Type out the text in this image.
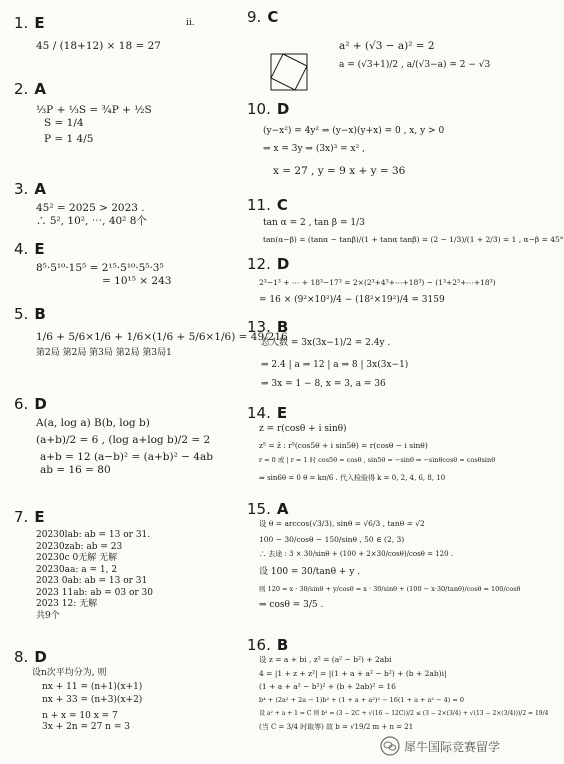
ⅱ.
1. E
45 / (18+12) × 18 = 27
2. A
⅓P + ⅓S = ¾P + ½S
S = 1/4
P = 1 4/5
3. A
45² = 2025 > 2023 .
∴ 5², 10², ⋯, 40² 8个
4. E
8⁵·5¹⁰·15⁵ = 2¹⁵·5¹⁰·5⁵·3⁵
= 10¹⁵ × 243
5. B
1/6 + 5/6×1/6 + 1/6×(1/6 + 5/6×1/6) = 49/216
第2局 第2局 第3局 第2局 第3局1
6. D
A(a, log a) B(b, log b)
(a+b)/2 = 6 , (log a+log b)/2 = 2
a+b = 12 (a−b)² = (a+b)² − 4ab
ab = 16 = 80
7. E
20230lab: ab = 13 or 31.
20230zab: ab = 23
20230c 0无解 无解
20230aa: a = 1, 2
2023 0ab: ab = 13 or 31
2023 11ab: ab = 03 or 30
2023 12: 无解
共9个
8. D
设n次平均分为, 则
nx + 11 = (n+1)(x+1)
nx + 33 = (n+3)(x+2)
n + x = 10 x = 7
3x + 2n = 27 n = 3
9. C
a² + (√3 − a)² = 2
a = (√3+1)/2 , a/(√3−a) = 2 − √3
10. D
(y−x²) = 4y² ⇒ (y−x)(y+x) = 0 , x, y > 0
⇒ x = 3y ⇒ (3x)³ = x² ,
x = 27 , y = 9 x + y = 36
11. C
tan α = 2 , tan β = 1/3
tan(α−β) = (tanα − tanβ)/(1 + tanα tanβ) = (2 − 1/3)/(1 + 2/3) = 1 , α−β = 45°
12. D
2³−1³ + ⋯ + 18³−17³ = 2×(2³+4³+⋯+18³) − (1³+2³+⋯+18³)
= 16 × (9²×10²)/4 − (18²×19²)/4 = 3159
13. B
总人数 = 3x(3x−1)/2 = 2.4y .
⇒ 2.4 | a ⇒ 12 | a ⇒ 8 | 3x(3x−1)
⇒ 3x = 1 − 8, x = 3, a = 36
14. E
z = r(cosθ + i sinθ)
z⁵ = z̄ : r⁵(cos5θ + i sin5θ) = r(cosθ − i sinθ)
r = 0 或 | r = 1 时 cos5θ = cosθ , sin5θ = −sinθ ⇒ −sinθcosθ = cosθsinθ
⇒ sin6θ = 0 θ = kπ/6 . 代入检验得 k = 0, 2, 4, 6, 8, 10
15. A
设 θ = arccos(√3/3), sinθ = √6/3 , tanθ = √2
100 − 30/cosθ − 150/sinθ , 50 ∈ (2, 3)
∴ 去途 : 3 × 30/sinθ + (100 + 2×30/cosθ)/cosθ = 120 .
设 100 = 30/tanθ + y .
则 120 = x · 30/sinθ + y/cosθ = x · 30/sinθ + (100 − x·30/tanθ)/cosθ = 100/cosθ
⇒ cosθ = 3/5 .
16. B
设 z = a + bi , z² = (a² − b²) + 2abi
4 = |1 + z + z²| = |(1 + a + a² − b²) + (b + 2ab)i|
(1 + a + a² − b²)² + (b + 2ab)² = 16
b⁴ + (2a² + 2a − 1)b² + (1 + a + a²)² − 16(1 + a + a² − 4) = 0
设 a² + a + 1 = C 则 b² = (3 − 2C + √(16 − 12C))/2 ≤ (3 − 2×(3/4) + √(13 − 2×(3/4)))/2 = 19/4
(当 C = 3/4 时取等) 故 b = √19/2 m + n = 21
犀牛国际竞赛留学
